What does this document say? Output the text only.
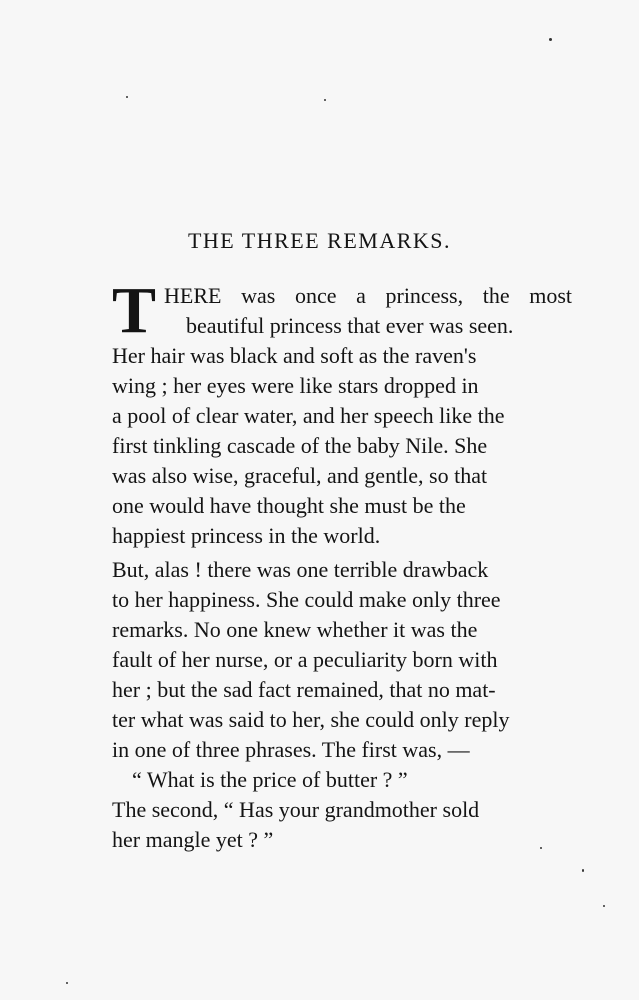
THE THREE REMARKS.
T HERE was once a princess, the most
beautiful princess that ever was seen.
Her hair was black and soft as the raven's
wing ; her eyes were like stars dropped in
a pool of clear water, and her speech like the
first tinkling cascade of the baby Nile. She
was also wise, graceful, and gentle, so that
one would have thought she must be the
happiest princess in the world.
But, alas ! there was one terrible drawback
to her happiness. She could make only three
remarks. No one knew whether it was the
fault of her nurse, or a peculiarity born with
her ; but the sad fact remained, that no mat-
ter what was said to her, she could only reply
in one of three phrases. The first was, —
“ What is the price of butter ? ”
The second, “ Has your grandmother sold
her mangle yet ? ”
